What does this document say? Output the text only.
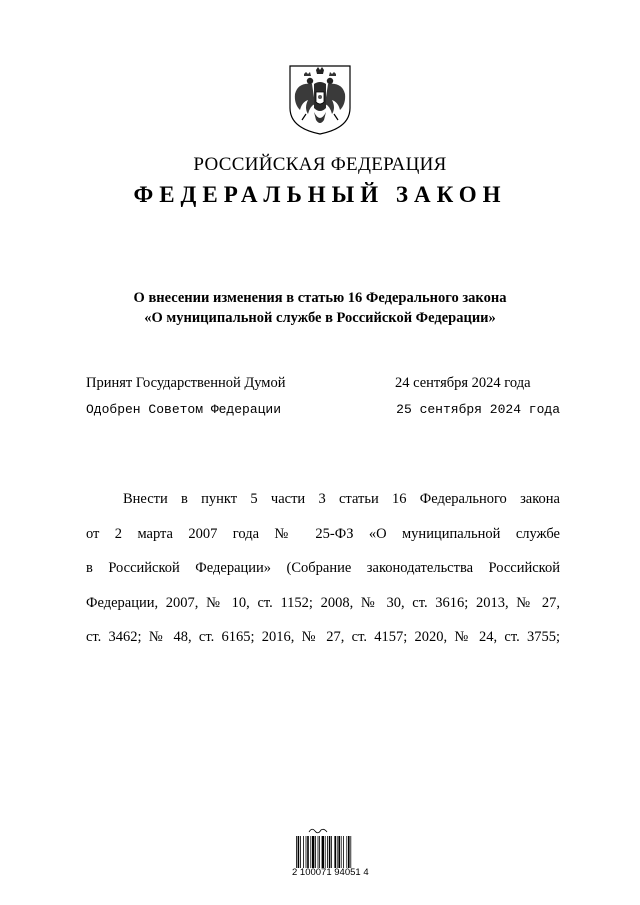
РОССИЙСКАЯ ФЕДЕРАЦИЯ
ФЕДЕРАЛЬНЫЙ ЗАКОН
О внесении изменения в статью 16 Федерального закона
«О муниципальной службе в Российской Федерации»
Принят Государственной Думой	24 сентября 2024 года
Одобрен Советом Федерации	25 сентября 2024 года
Внести в пункт 5 части 3 статьи 16 Федерального закона
от 2 марта 2007 года № 25-ФЗ «О муниципальной службе
в Российской Федерации» (Собрание законодательства Российской
Федерации, 2007, № 10, ст. 1152; 2008, № 30, ст. 3616; 2013, № 27,
ст. 3462; № 48, ст. 6165; 2016, № 27, ст. 4157; 2020, № 24, ст. 3755;
2 100071 94051 4
